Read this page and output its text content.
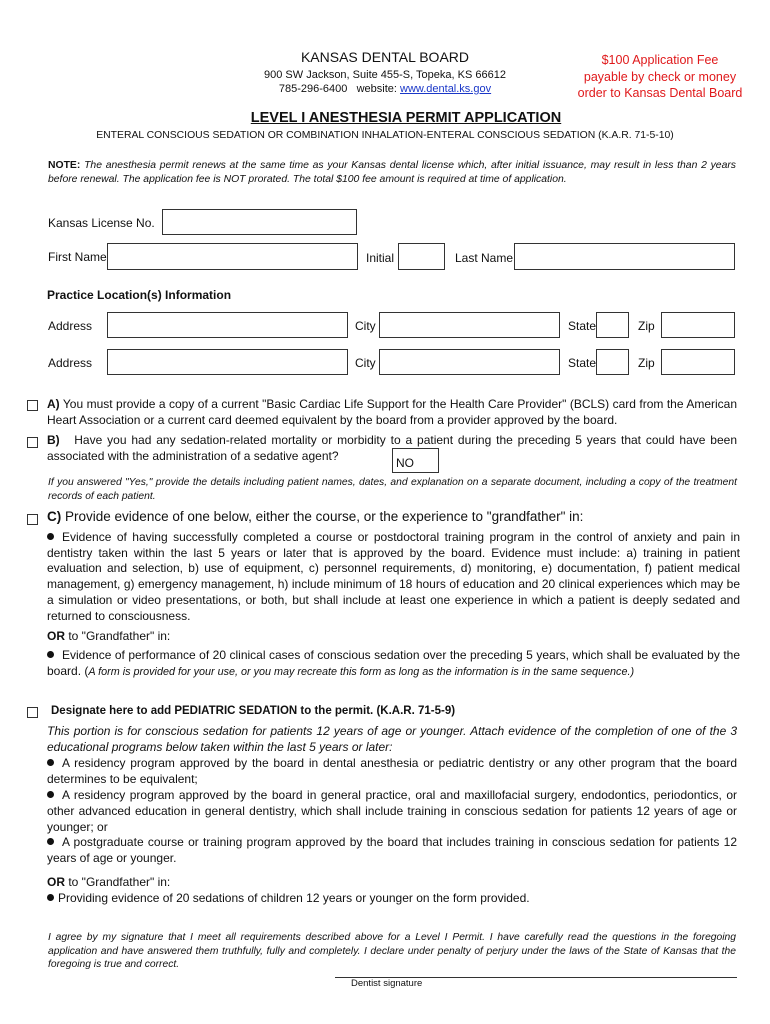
KANSAS DENTAL BOARD
900 SW Jackson, Suite 455-S, Topeka, KS 66612
785-296-6400 website: www.dental.ks.gov
$100 Application Fee
payable by check or money
order to Kansas Dental Board
LEVEL I ANESTHESIA PERMIT APPLICATION
ENTERAL CONSCIOUS SEDATION OR COMBINATION INHALATION-ENTERAL CONSCIOUS SEDATION (K.A.R. 71-5-10)
NOTE: The anesthesia permit renews at the same time as your Kansas dental license which, after initial issuance, may result in less than 2 years before renewal. The application fee is NOT prorated. The total $100 fee amount is required at time of application.
Kansas License No.
First Name	Initial	Last Name
Practice Location(s) Information
Address	City	State	Zip
Address	City	State	Zip
A) You must provide a copy of a current "Basic Cardiac Life Support for the Health Care Provider" (BCLS) card from the American Heart Association or a current card deemed equivalent by the board from a provider approved by the board.
B) Have you had any sedation-related mortality or morbidity to a patient during the preceding 5 years that could have been associated with the administration of a sedative agent?	NO
If you answered "Yes," provide the details including patient names, dates, and explanation on a separate document, including a copy of the treatment records of each patient.
C) Provide evidence of one below, either the course, or the experience to "grandfather" in:
Evidence of having successfully completed a course or postdoctoral training program in the control of anxiety and pain in dentistry taken within the last 5 years or later that is approved by the board. Evidence must include: a) training in patient evaluation and selection, b) use of equipment, c) personnel requirements, d) monitoring, e) documentation, f) patient medical management, g) emergency management, h) include minimum of 18 hours of education and 20 clinical experiences which may be a simulation or video presentations, or both, but shall include at least one experience in which a patient is deeply sedated and returned to consciousness.
OR to "Grandfather" in:
Evidence of performance of 20 clinical cases of conscious sedation over the preceding 5 years, which shall be evaluated by the board. (A form is provided for your use, or you may recreate this form as long as the information is in the same sequence.)
Designate here to add PEDIATRIC SEDATION to the permit. (K.A.R. 71-5-9)
This portion is for conscious sedation for patients 12 years of age or younger. Attach evidence of the completion of one of the 3 educational programs below taken within the last 5 years or later:
A residency program approved by the board in dental anesthesia or pediatric dentistry or any other program that the board determines to be equivalent;
A residency program approved by the board in general practice, oral and maxillofacial surgery, endodontics, periodontics, or other advanced education in general dentistry, which shall include training in conscious sedation for patients 12 years of age or younger; or
A postgraduate course or training program approved by the board that includes training in conscious sedation for patients 12 years of age or younger.
OR to "Grandfather" in:
Providing evidence of 20 sedations of children 12 years or younger on the form provided.
I agree by my signature that I meet all requirements described above for a Level I Permit. I have carefully read the questions in the foregoing application and have answered them truthfully, fully and completely. I declare under penalty of perjury under the laws of the State of Kansas that the foregoing is true and correct.
Dentist signature
